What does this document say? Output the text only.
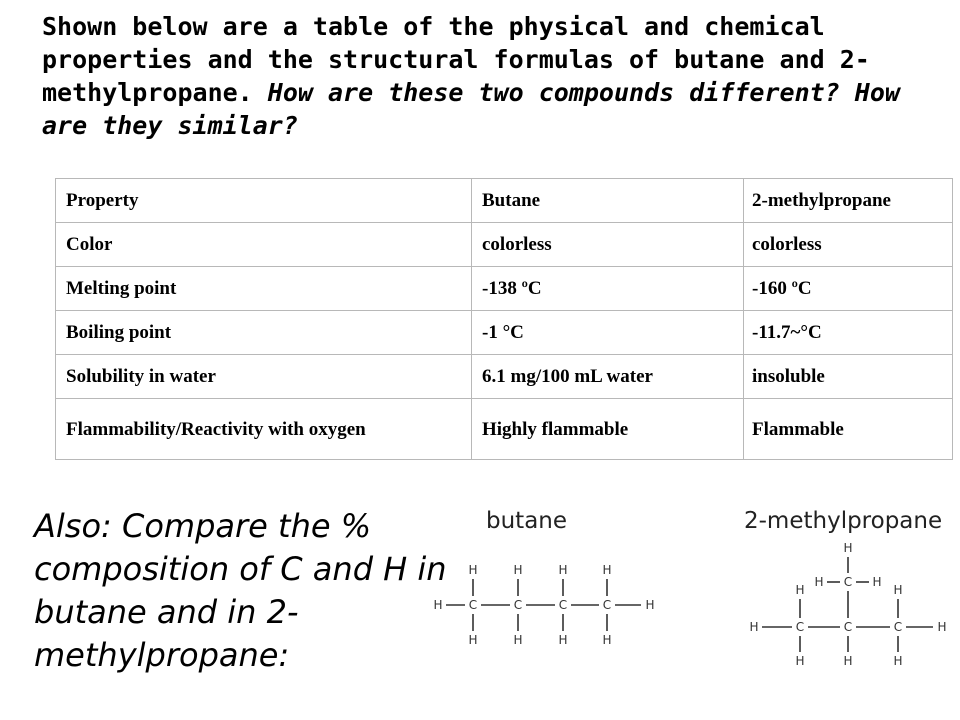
Shown below are a table of the physical and chemical properties and the structural formulas of butane and 2-methylpropane. How are these two compounds different? How are they similar?

Property	Butane	2-methylpropane
Color	colorless	colorless
Melting point	-138 ºC	-160 ºC
Boiling point	-1 °C	-11.7~°C
Solubility in water	6.1 mg/100 mL water	insoluble
Flammability/Reactivity with oxygen	Highly flammable	Flammable

Also: Compare the % composition of C and H in butane and in 2-methylpropane:

butane	2-methylpropane

H	H
C
H
H
C
H
H
C
H
H
C
H
H
H	H
C
H
C
H
C
H
H	H
C
H
H	H
